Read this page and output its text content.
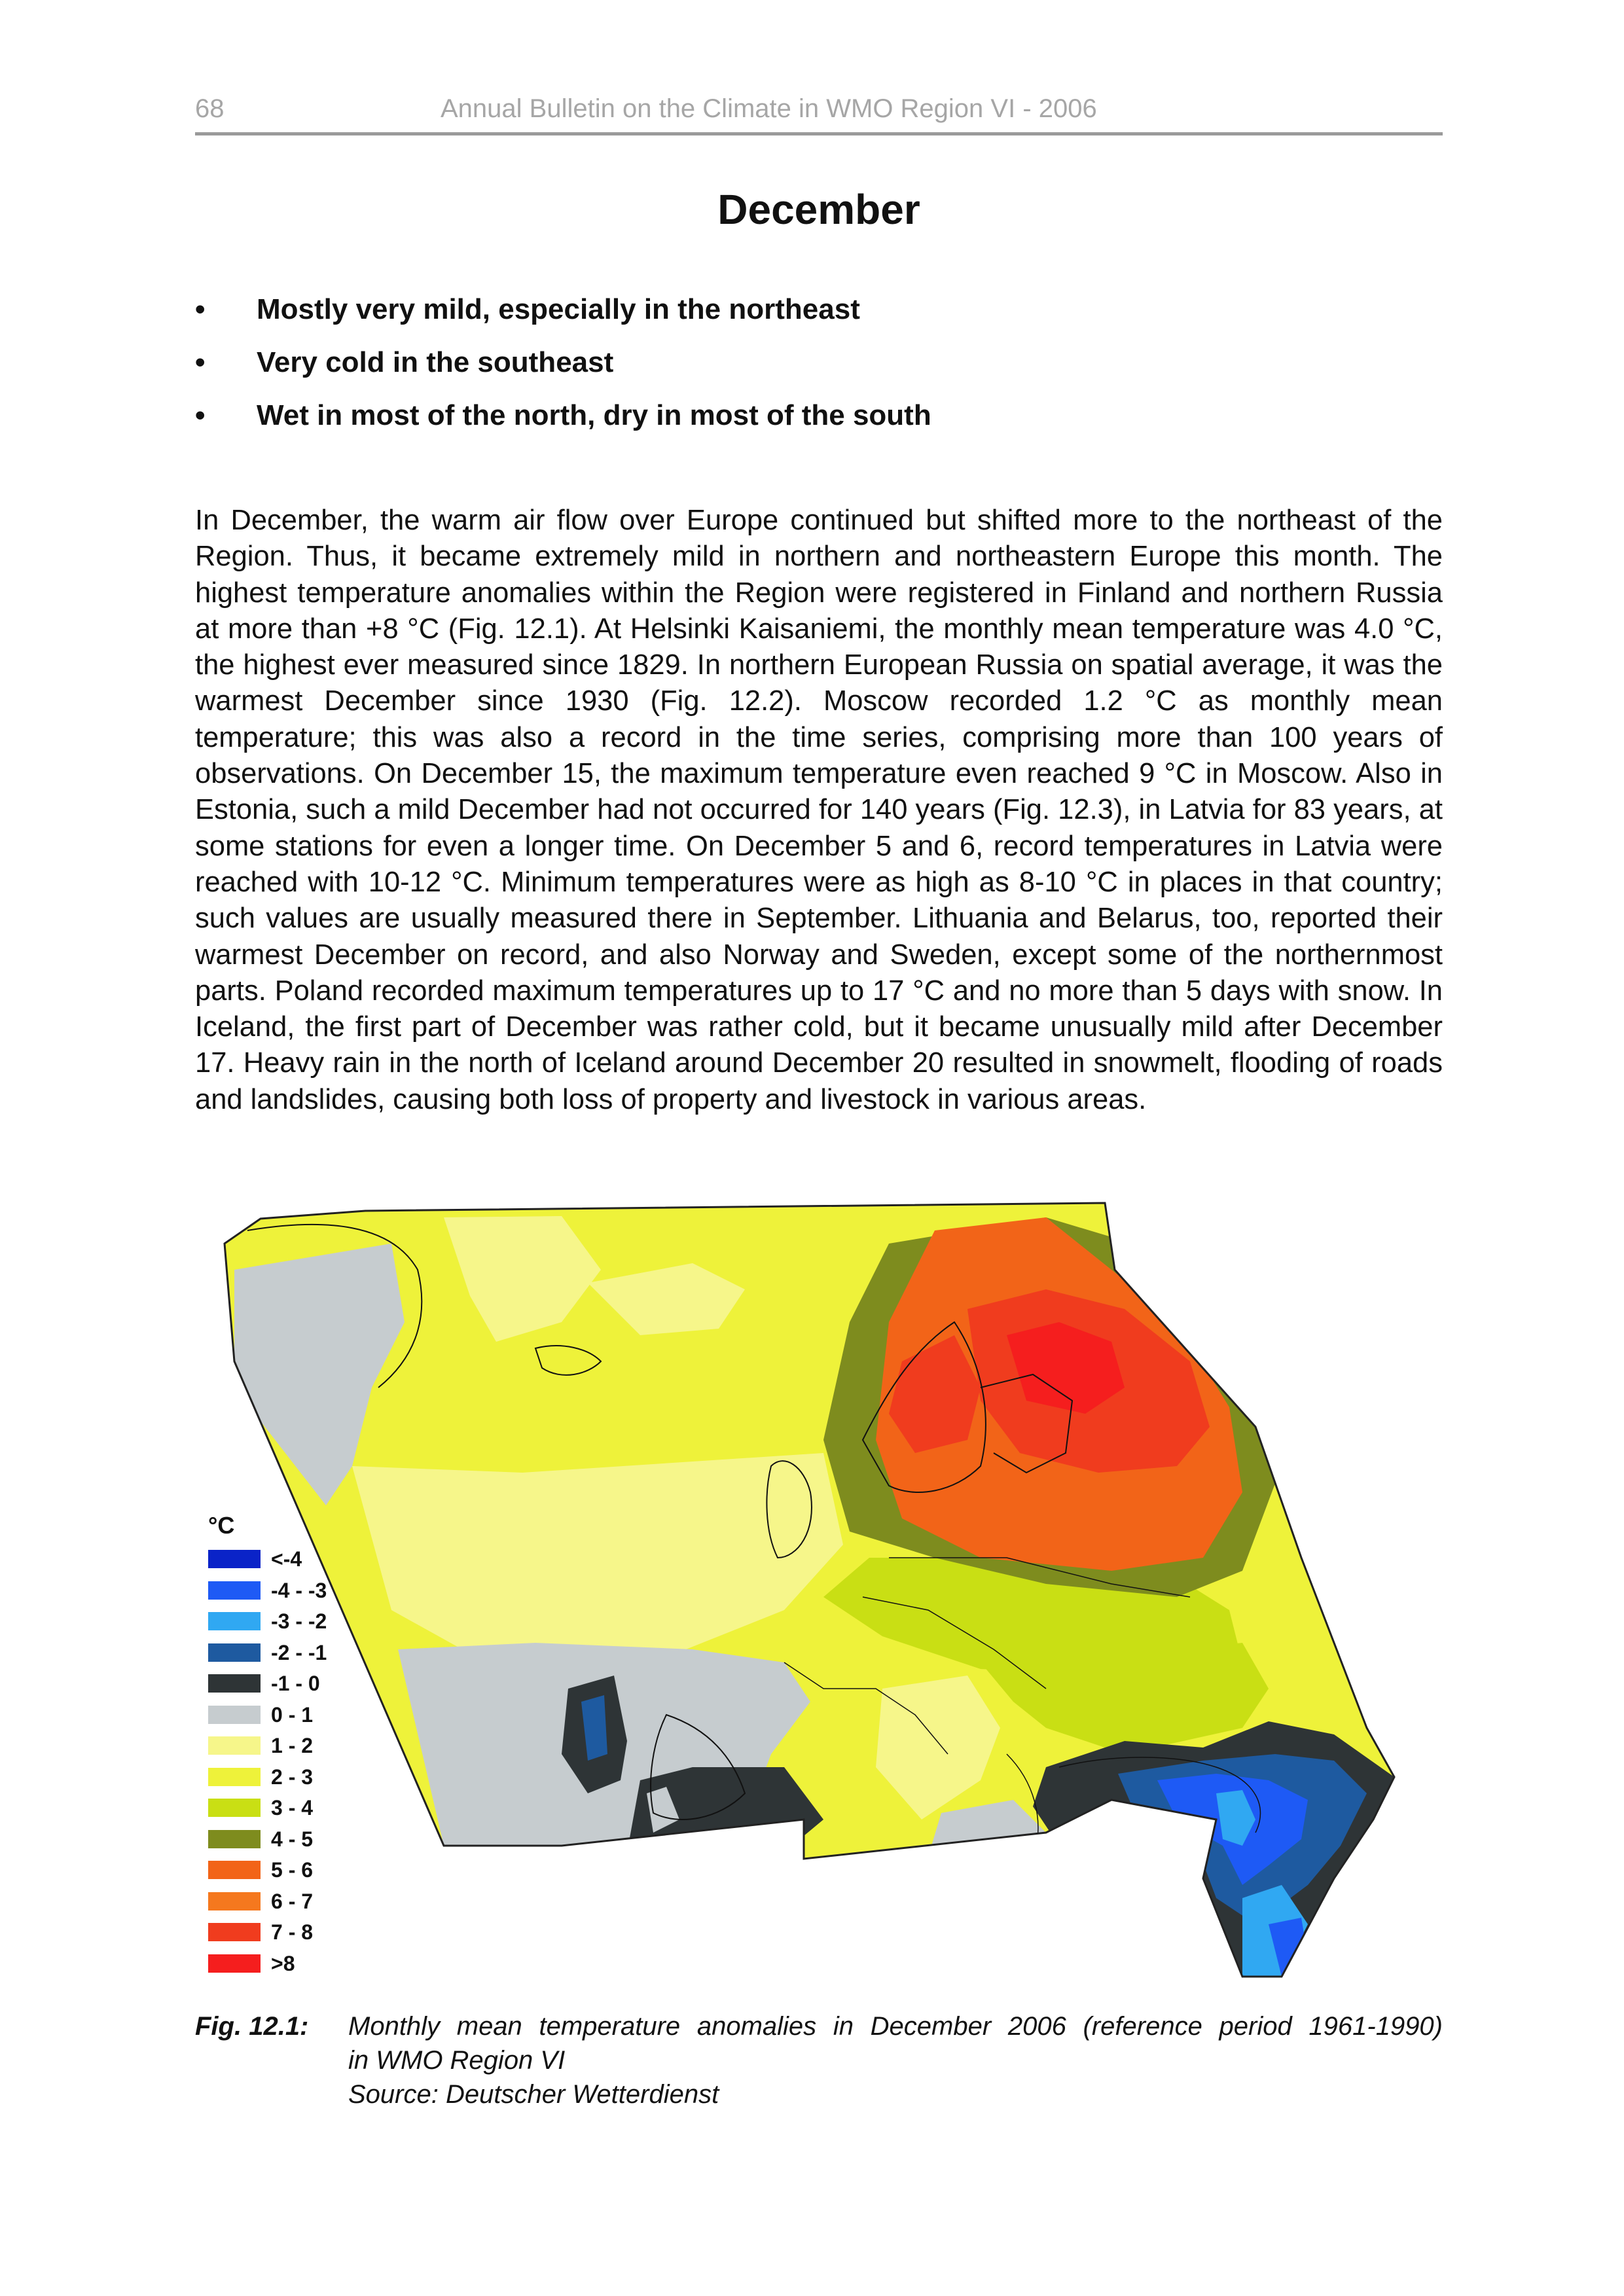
68	Annual Bulletin on the Climate in WMO Region VI - 2006
December
• Mostly very mild, especially in the northeast
• Very cold in the southeast
• Wet in most of the north, dry in most of the south
In December, the warm air flow over Europe continued but shifted more to the northeast of the Region. Thus, it became extremely mild in northern and northeastern Europe this month. The highest temperature anomalies within the Region were registered in Finland and northern Russia at more than +8 °C (Fig. 12.1). At Helsinki Kaisaniemi, the monthly mean temperature was 4.0 °C, the highest ever measured since 1829. In northern European Russia on spatial average, it was the warmest December since 1930 (Fig. 12.2). Moscow recorded 1.2 °C as monthly mean temperature; this was also a record in the time series, comprising more than 100 years of observations. On December 15, the maximum temperature even reached 9 °C in Moscow. Also in Estonia, such a mild December had not occurred for 140 years (Fig. 12.3), in Latvia for 83 years, at some stations for even a longer time. On December 5 and 6, record temperatures in Latvia were reached with 10-12 °C. Minimum temperatures were as high as 8-10 °C in places in that country; such values are usually measured there in September. Lithuania and Belarus, too, reported their warmest December on record, and also Norway and Sweden, except some of the northernmost parts. Poland recorded maximum temperatures up to 17 °C and no more than 5 days with snow. In Iceland, the first part of December was rather cold, but it became unusually mild after December 17. Heavy rain in the north of Iceland around December 20 resulted in snowmelt, flooding of roads and landslides, causing both loss of property and livestock in various areas.
°C
<-4
-4 - -3
-3 - -2
-2 - -1
-1 - 0
0 - 1
1 - 2
2 - 3
3 - 4
4 - 5
5 - 6
6 - 7
7 - 8
>8
Fig. 12.1: Monthly mean temperature anomalies in December 2006 (reference period 1961-1990)
in WMO Region VI
Source: Deutscher Wetterdienst
